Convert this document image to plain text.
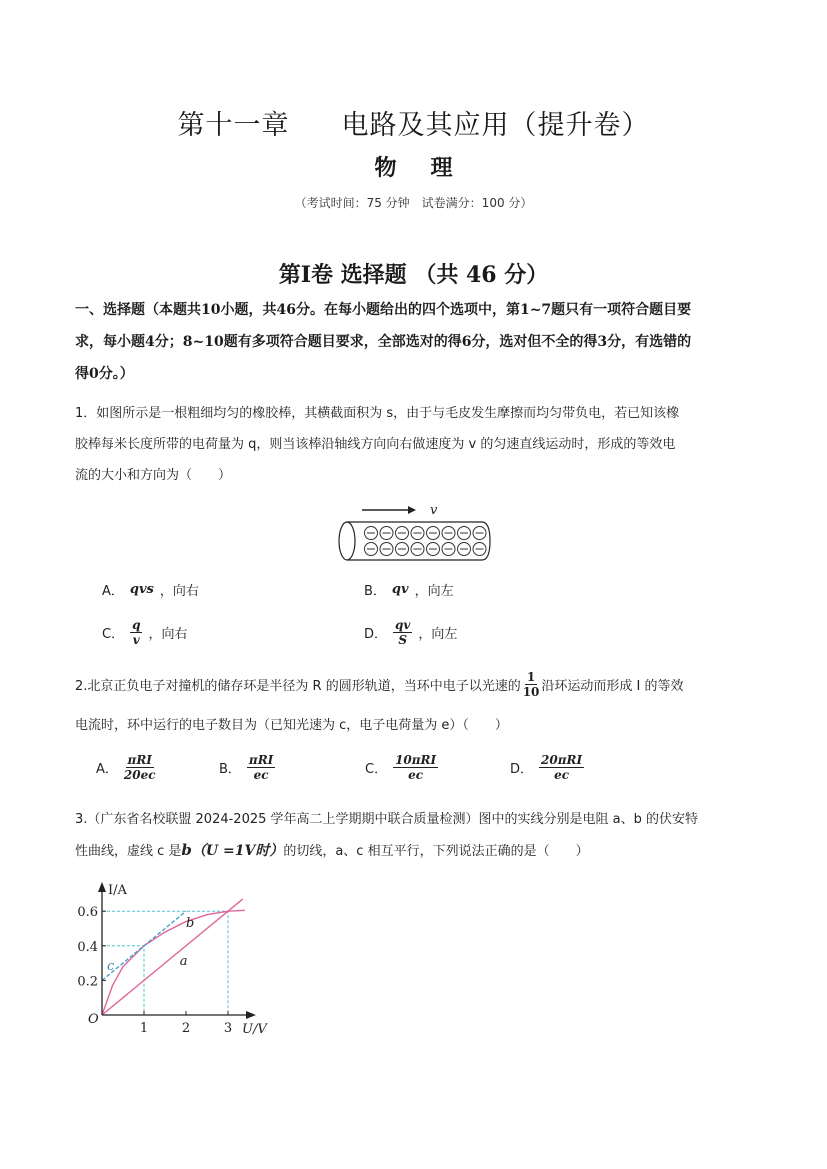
第十一章 电路及其应用（提升卷）
物 理
（考试时间：75 分钟　试卷满分：100 分）
第Ⅰ卷 选择题 （共 46 分）
一、选择题（本题共10小题，共46分。在每小题给出的四个选项中，第1~7题只有一项符合题目要
求，每小题4分；8~10题有多项符合题目要求，全部选对的得6分，选对但不全的得3分，有选错的
得0分。）
1．如图所示是一根粗细均匀的橡胶棒，其横截面积为 s，由于与毛皮发生摩擦而均匀带负电，若已知该橡
胶棒每米长度所带的电荷量为 q，则当该棒沿轴线方向向右做速度为 v 的匀速直线运动时，形成的等效电
流的大小和方向为（　　）
v
A． qvs ，向右	B． qv ，向左
C． $\frac{q}{v}$ ，向右	D． $\frac{qv}{S}$ ，向左
2.北京正负电子对撞机的储存环是半径为 R 的圆形轨道，当环中电子以光速的 $\frac{1}{10}$ 沿环运动而形成 I 的等效
电流时，环中运行的电子数目为（已知光速为 c，电子电荷量为 e）（　　）
A． $\frac{\text{πRI}}{20ec}$	B． $\frac{\text{πRI}}{ec}$	C． $\frac{\text{10πRI}}{ec}$	D． $\frac{\text{20πRI}}{ec}$
3.（广东省名校联盟 2024-2025 学年高二上学期期中联合质量检测）图中的实线分别是电阻 a、b 的伏安特
性曲线，虚线 c 是 b （U =1V时） 的切线，a、c 相互平行，下列说法正确的是（　　）
1	2	3
0.2
0.4
0.6
O
I/A
U/V
a
b
c
